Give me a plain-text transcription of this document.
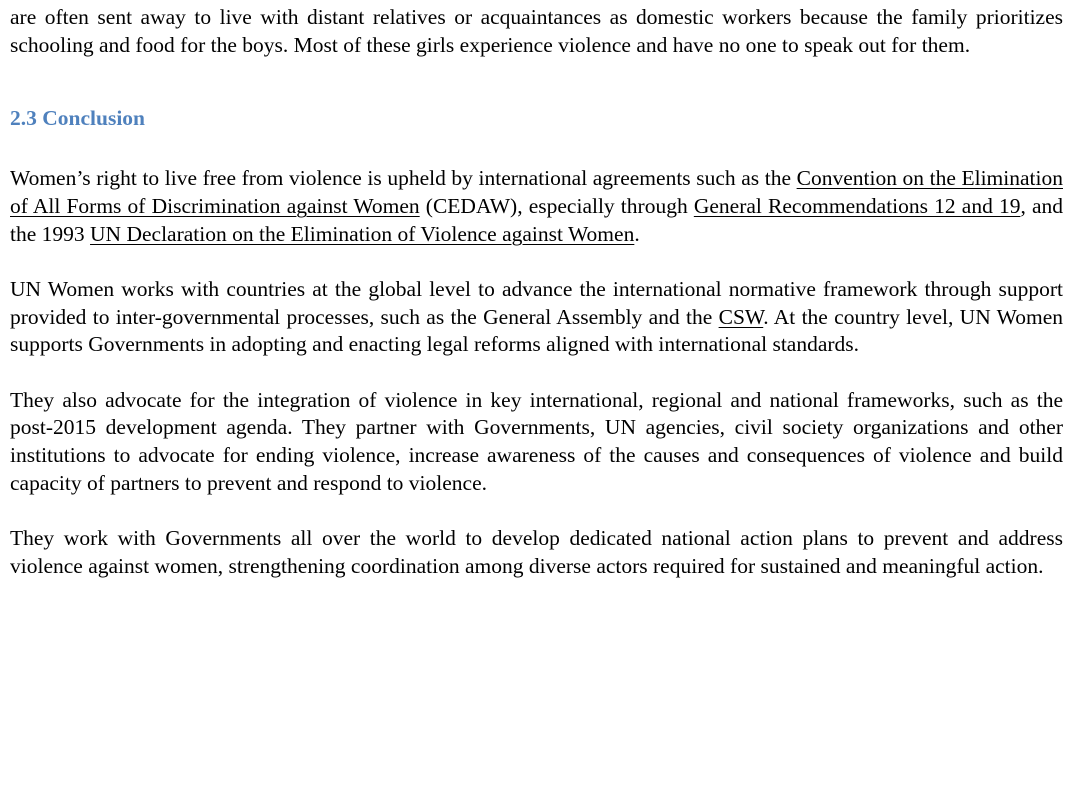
are often sent away to live with distant relatives or acquaintances as domestic workers because the family prioritizes schooling and food for the boys. Most of these girls experience violence and have no one to speak out for them.

2.3 Conclusion

Women’s right to live free from violence is upheld by international agreements such as the Convention on the Elimination of All Forms of Discrimination against Women (CEDAW), especially through General Recommendations 12 and 19, and the 1993 UN Declaration on the Elimination of Violence against Women.

UN Women works with countries at the global level to advance the international normative framework through support provided to inter-governmental processes, such as the General Assembly and the CSW. At the country level, UN Women supports Governments in adopting and enacting legal reforms aligned with international standards.

They also advocate for the integration of violence in key international, regional and national frameworks, such as the post-2015 development agenda. They partner with Governments, UN agencies, civil society organizations and other institutions to advocate for ending violence, increase awareness of the causes and consequences of violence and build capacity of partners to prevent and respond to violence.

They work with Governments all over the world to develop dedicated national action plans to prevent and address violence against women, strengthening coordination among diverse actors required for sustained and meaningful action.
